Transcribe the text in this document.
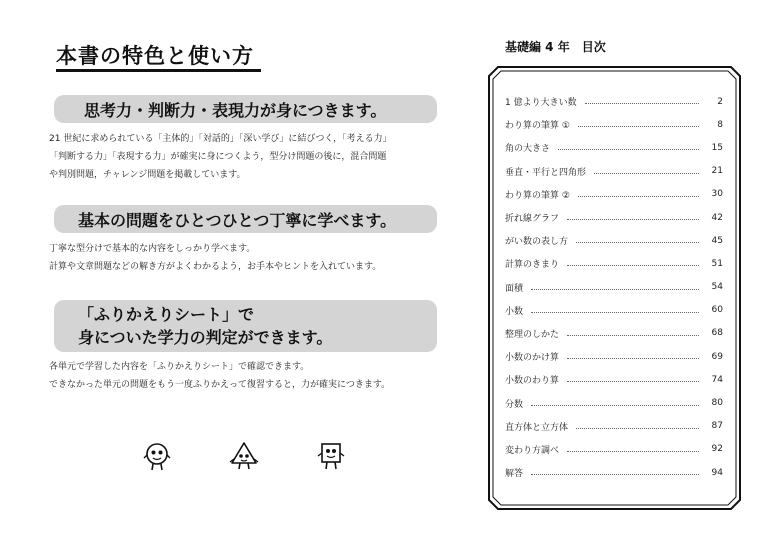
本書の特色と使い方
思考力・判断力・表現力が身につきます。

21 世紀に求められている「主体的」「対話的」「深い学び」に結びつく，「考える力」

「判断する力」「表現する力」が確実に身につくよう，型分け問題の後に，混合問題

や判別問題，チャレンジ問題を掲載しています。

基本の問題をひとつひとつ丁寧に学べます。

丁寧な型分けで基本的な内容をしっかり学べます。

計算や文章問題などの解き方がよくわかるよう，お手本やヒントを入れています。

「ふりかえりシート」で
身についた学力の判定ができます。

各単元で学習した内容を「ふりかえりシート」で確認できます。

できなかった単元の問題をもう一度ふりかえって復習すると，力が確実につきます。

基礎編 4 年　目次
1 億より大きい数	2
わり算の筆算 ①	8
角の大きさ	15
垂直・平行と四角形	21
わり算の筆算 ②	30
折れ線グラフ	42
がい数の表し方	45
計算のきまり	51
面積	54
小数	60
整理のしかた	68
小数のかけ算	69
小数のわり算	74
分数	80
直方体と立方体	87
変わり方調べ	92
解答	94
